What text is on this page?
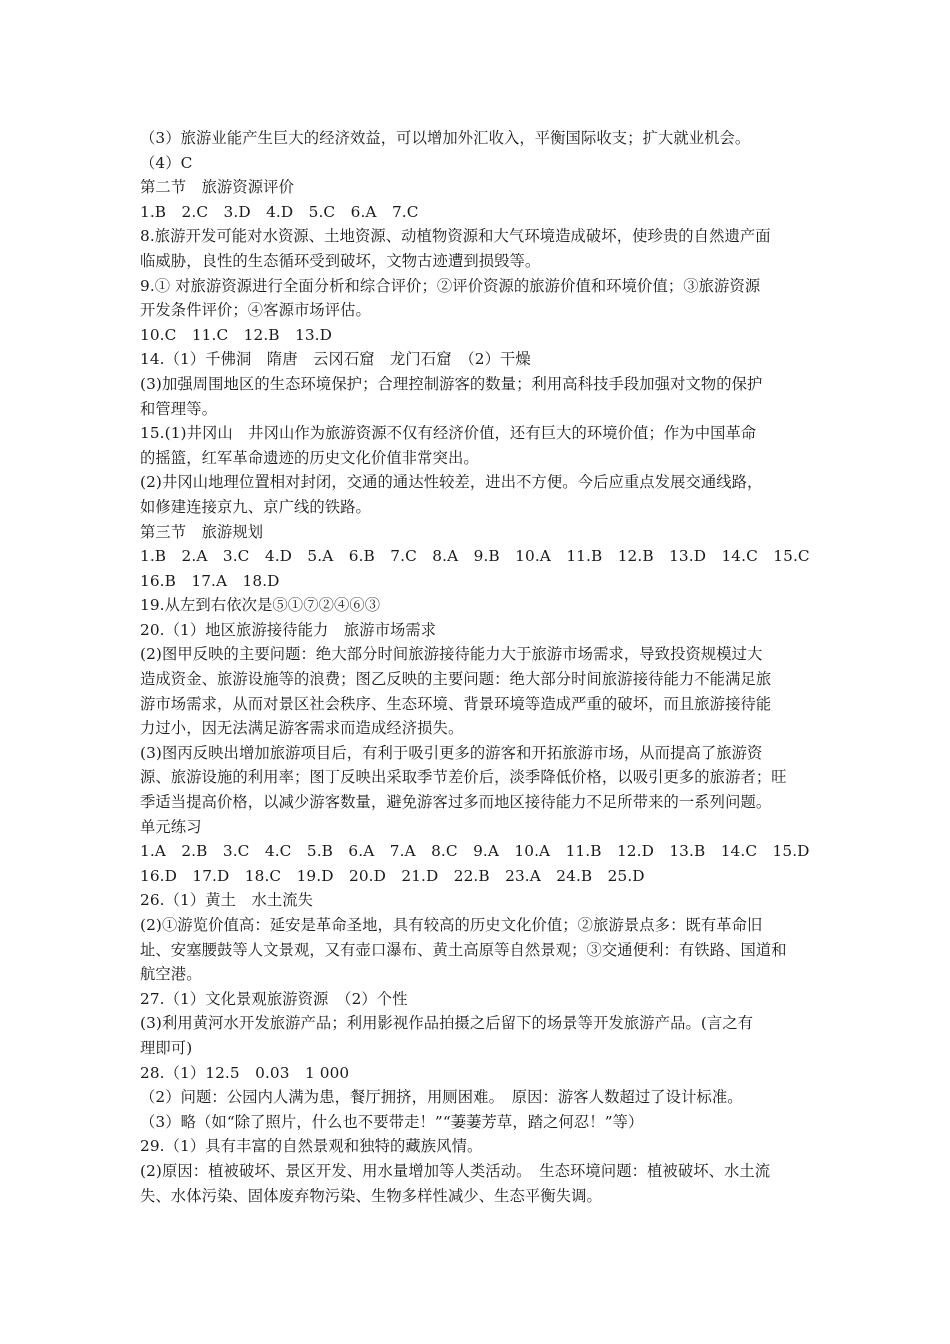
（3）旅游业能产生巨大的经济效益，可以增加外汇收入，平衡国际收支；扩大就业机会。
（4）C
第二节　旅游资源评价
1.B　2.C　3.D　4.D　5.C　6.A　7.C
8.旅游开发可能对水资源、土地资源、动植物资源和大气环境造成破坏，使珍贵的自然遗产面
临威胁，良性的生态循环受到破坏，文物古迹遭到损毁等。
9.① 对旅游资源进行全面分析和综合评价；②评价资源的旅游价值和环境价值；③旅游资源
开发条件评价；④客源市场评估。
10.C　11.C　12.B　13.D
14.（1）千佛洞　隋唐　云冈石窟　龙门石窟　（2）干燥
(3)加强周围地区的生态环境保护；合理控制游客的数量；利用高科技手段加强对文物的保护
和管理等。
15.(1)井冈山　井冈山作为旅游资源不仅有经济价值，还有巨大的环境价值；作为中国革命
的摇篮，红军革命遗迹的历史文化价值非常突出。
(2)井冈山地理位置相对封闭，交通的通达性较差，进出不方便。今后应重点发展交通线路，
如修建连接京九、京广线的铁路。
第三节　旅游规划
1.B　2.A　3.C　4.D　5.A　6.B　7.C　8.A　9.B　10.A　11.B　12.B　13.D　14.C　15.C
16.B　17.A　18.D
19.从左到右依次是⑤①⑦②④⑥③
20.（1）地区旅游接待能力　旅游市场需求
(2)图甲反映的主要问题：绝大部分时间旅游接待能力大于旅游市场需求，导致投资规模过大
造成资金、旅游设施等的浪费；图乙反映的主要问题：绝大部分时间旅游接待能力不能满足旅
游市场需求，从而对景区社会秩序、生态环境、背景环境等造成严重的破坏，而且旅游接待能
力过小，因无法满足游客需求而造成经济损失。
(3)图丙反映出增加旅游项目后，有利于吸引更多的游客和开拓旅游市场，从而提高了旅游资
源、旅游设施的利用率；图丁反映出采取季节差价后，淡季降低价格，以吸引更多的旅游者；旺
季适当提高价格，以减少游客数量，避免游客过多而地区接待能力不足所带来的一系列问题。
单元练习
1.A　2.B　3.C　4.C　5.B　6.A　7.A　8.C　9.A　10.A　11.B　12.D　13.B　14.C　15.D
16.D　17.D　18.C　19.D　20.D　21.D　22.B　23.A　24.B　25.D
26.（1）黄土　水土流失
(2)①游览价值高：延安是革命圣地，具有较高的历史文化价值；②旅游景点多：既有革命旧
址、安塞腰鼓等人文景观，又有壶口瀑布、黄土高原等自然景观；③交通便利：有铁路、国道和
航空港。
27.（1）文化景观旅游资源　（2）个性
(3)利用黄河水开发旅游产品；利用影视作品拍摄之后留下的场景等开发旅游产品。(言之有
理即可)
28.（1）12.5　0.03　1 000
（2）问题：公园内人满为患，餐厅拥挤，用厕困难。　原因：游客人数超过了设计标准。
（3）略（如“除了照片，什么也不要带走！”“萋萋芳草，踏之何忍！”等）
29.（1）具有丰富的自然景观和独特的藏族风情。
(2)原因：植被破坏、景区开发、用水量增加等人类活动。　生态环境问题：植被破坏、水土流
失、水体污染、固体废弃物污染、生物多样性减少、生态平衡失调。
